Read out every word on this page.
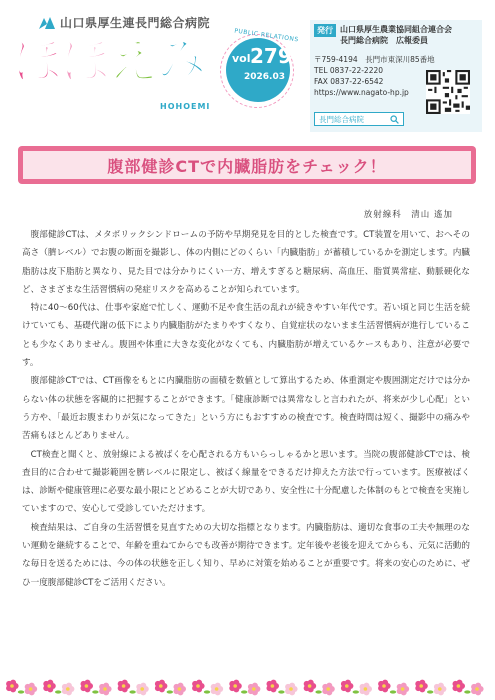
山口県厚生連長門総合病院
ほほえみ
HOHOEMI
PUBLIC RELATIONS
vol.
279
2026.03
発行 山口県厚生農業協同組合連合会
長門総合病院　広報委員
〒759-4194　長門市東深川85番地
TEL 0837-22-2220
FAX 0837-22-6542
https://www.nagato-hp.jp
長門総合病院
腹部健診CTで内臓脂肪をチェック！
放射線科　清山 遙加

腹部健診CTは、メタボリックシンドロームの予防や早期発見を目的とした検査です。CT装置を用いて、おへその高さ（臍レベル）でお腹の断面を撮影し、体の内側にどのくらい「内臓脂肪」が蓄積しているかを測定します。内臓脂肪は皮下脂肪と異なり、見た目では分かりにくい一方、増えすぎると糖尿病、高血圧、脂質異常症、動脈硬化など、さまざまな生活習慣病の発症リスクを高めることが知られています。

特に40〜60代は、仕事や家庭で忙しく、運動不足や食生活の乱れが続きやすい年代です。若い頃と同じ生活を続けていても、基礎代謝の低下により内臓脂肪がたまりやすくなり、自覚症状のないまま生活習慣病が進行していることも少なくありません。腹囲や体重に大きな変化がなくても、内臓脂肪が増えているケースもあり、注意が必要です。

腹部健診CTでは、CT画像をもとに内臓脂肪の面積を数値として算出するため、体重測定や腹囲測定だけでは分からない体の状態を客観的に把握することができます。「健康診断では異常なしと言われたが、将来が少し心配」という方や、「最近お腹まわりが気になってきた」という方にもおすすめの検査です。検査時間は短く、撮影中の痛みや苦痛もほとんどありません。

CT検査と聞くと、放射線による被ばくを心配される方もいらっしゃるかと思います。当院の腹部健診CTでは、検査目的に合わせて撮影範囲を臍レベルに限定し、被ばく線量をできるだけ抑えた方法で行っています。医療被ばくは、診断や健康管理に必要な最小限にとどめることが大切であり、安全性に十分配慮した体制のもとで検査を実施していますので、安心して受診していただけます。

検査結果は、ご自身の生活習慣を見直すための大切な指標となります。内臓脂肪は、適切な食事の工夫や無理のない運動を継続することで、年齢を重ねてからでも改善が期待できます。定年後や老後を迎えてからも、元気に活動的な毎日を送るためには、今の体の状態を正しく知り、早めに対策を始めることが重要です。将来の安心のために、ぜひ一度腹部健診CTをご活用ください。
